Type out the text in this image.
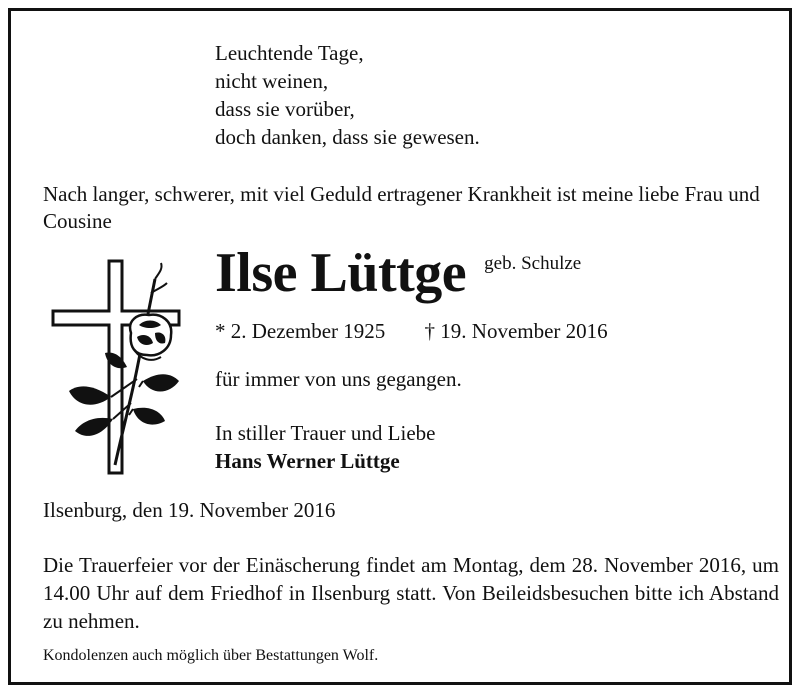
Leuchtende Tage,
nicht weinen,
dass sie vorüber,
doch danken, dass sie gewesen.
Nach langer, schwerer, mit viel Geduld ertragener Krankheit ist meine liebe Frau und Cousine
Ilse Lüttge geb. Schulze
* 2. Dezember 1925 † 19. November 2016
für immer von uns gegangen.
In stiller Trauer und Liebe
Hans Werner Lüttge
Ilsenburg, den 19. November 2016
Die Trauerfeier vor der Einäscherung findet am Montag, dem 28. November 2016, um 14.00 Uhr auf dem Friedhof in Ilsenburg statt. Von Beileidsbesuchen bitte ich Abstand zu nehmen.
Kondolenzen auch möglich über Bestattungen Wolf.
